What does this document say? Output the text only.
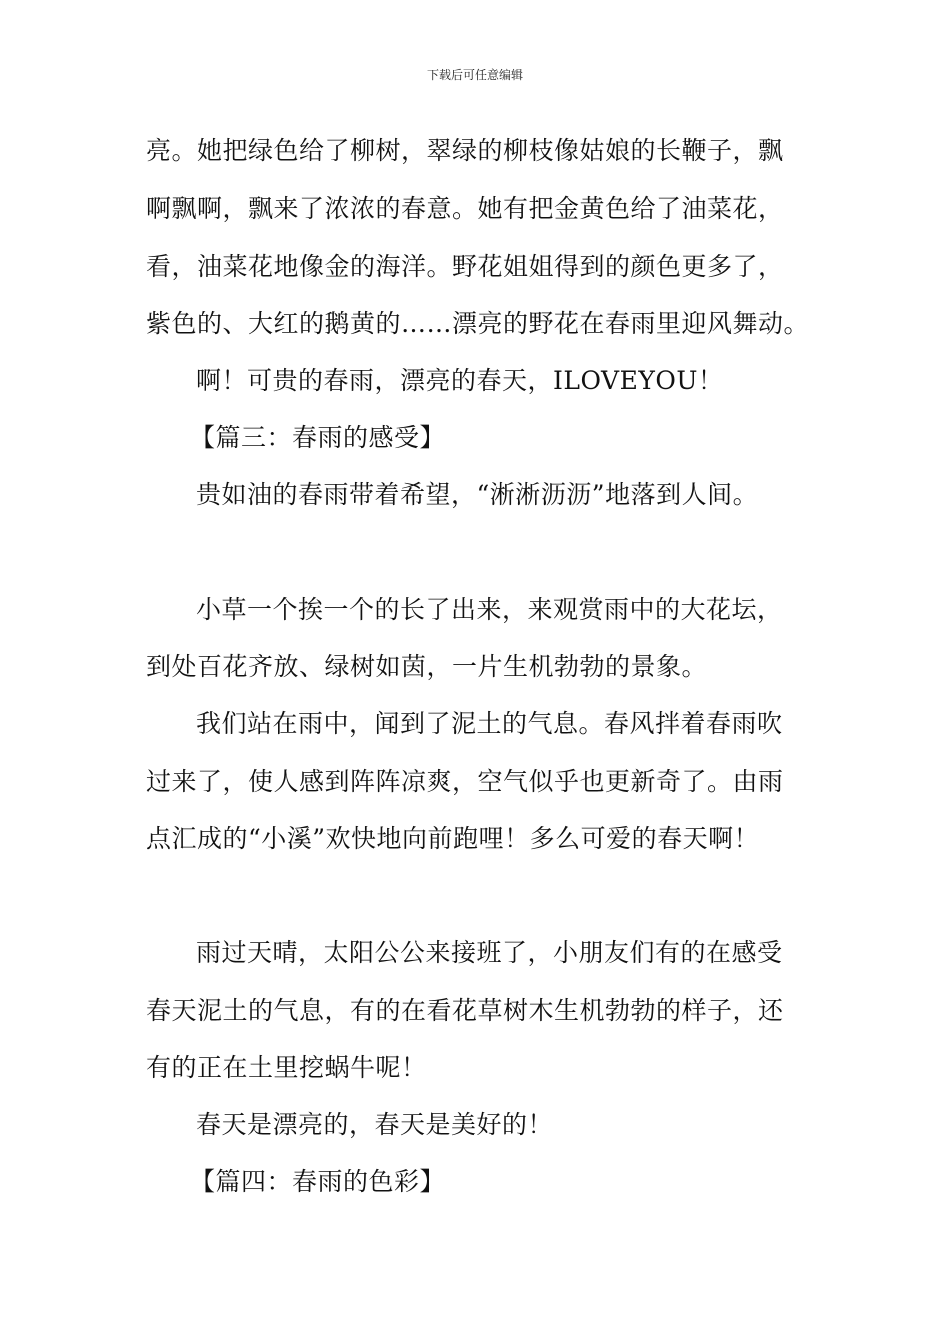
下载后可任意编辑
亮。她把绿色给了柳树，翠绿的柳枝像姑娘的长鞭子，飘
啊飘啊，飘来了浓浓的春意。她有把金黄色给了油菜花，
看，油菜花地像金的海洋。野花姐姐得到的颜色更多了，
紫色的、大红的鹅黄的……漂亮的野花在春雨里迎风舞动。
啊！可贵的春雨，漂亮的春天，ILOVEYOU！
【篇三：春雨的感受】
贵如油的春雨带着希望，“淅淅沥沥”地落到人间。
小草一个挨一个的长了出来，来观赏雨中的大花坛，
到处百花齐放、绿树如茵，一片生机勃勃的景象。
我们站在雨中，闻到了泥土的气息。春风拌着春雨吹
过来了，使人感到阵阵凉爽，空气似乎也更新奇了。由雨
点汇成的“小溪”欢快地向前跑哩！多么可爱的春天啊！
雨过天晴，太阳公公来接班了，小朋友们有的在感受
春天泥土的气息，有的在看花草树木生机勃勃的样子，还
有的正在土里挖蜗牛呢！
春天是漂亮的，春天是美好的！
【篇四：春雨的色彩】
